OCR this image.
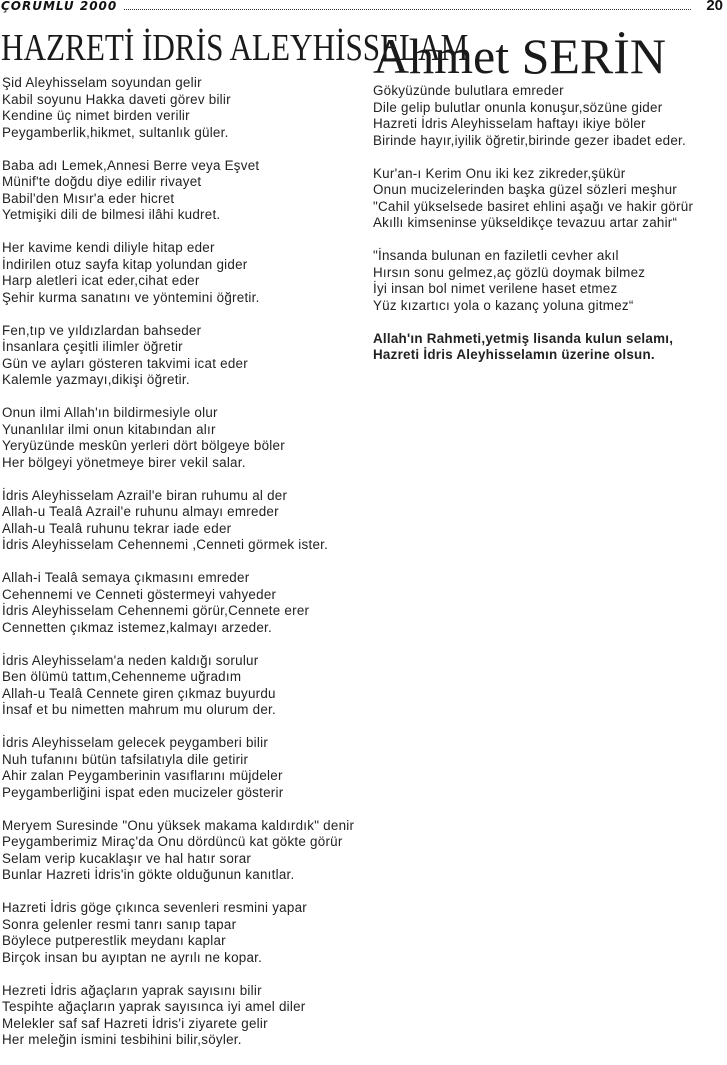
ÇORUMLU 2000	20
HAZRETİ İDRİS ALEYHİSSELAM
Ahmet SERİN
Şid Aleyhisselam soyundan gelir
Kabil soyunu Hakka daveti görev bilir
Kendine üç nimet birden verilir
Peygamberlik,hikmet, sultanlık güler.
Baba adı Lemek,Annesi Berre veya Eşvet
Münif'te doğdu diye edilir rivayet
Babil'den Mısır'a eder hicret
Yetmişiki dili de bilmesi ilâhi kudret.
Her kavime kendi diliyle hitap eder
İndirilen otuz sayfa kitap yolundan gider
Harp aletleri icat eder,cihat eder
Şehir kurma sanatını ve yöntemini öğretir.
Fen,tıp ve yıldızlardan bahseder
İnsanlara çeşitli ilimler öğretir
Gün ve ayları gösteren takvimi icat eder
Kalemle yazmayı,dikişi öğretir.
Onun ilmi Allah'ın bildirmesiyle olur
Yunanlılar ilmi onun kitabından alır
Yeryüzünde meskûn yerleri dört bölgeye böler
Her bölgeyi yönetmeye birer vekil salar.
İdris Aleyhisselam Azrail'e biran ruhumu al der
Allah-u Tealâ Azrail'e ruhunu almayı emreder
Allah-u Tealâ ruhunu tekrar iade eder
İdris Aleyhisselam Cehennemi ,Cenneti görmek ister.
Allah-i Tealâ semaya çıkmasını emreder
Cehennemi ve Cenneti göstermeyi vahyeder
İdris Aleyhisselam Cehennemi görür,Cennete erer
Cennetten çıkmaz istemez,kalmayı arzeder.
İdris Aleyhisselam'a neden kaldığı sorulur
Ben ölümü tattım,Cehenneme uğradım
Allah-u Tealâ Cennete giren çıkmaz buyurdu
İnsaf et bu nimetten mahrum mu olurum der.
İdris Aleyhisselam gelecek peygamberi bilir
Nuh tufanını bütün tafsilatıyla dile getirir
Ahir zalan Peygamberinin vasıflarını müjdeler
Peygamberliğini ispat eden mucizeler gösterir
Meryem Suresinde "Onu yüksek makama kaldırdık" denir
Peygamberimiz Miraç'da Onu dördüncü kat gökte görür
Selam verip kucaklaşır ve hal hatır sorar
Bunlar Hazreti İdris'in gökte olduğunun kanıtlar.
Hazreti İdris göge çıkınca sevenleri resmini yapar
Sonra gelenler resmi tanrı sanıp tapar
Böylece putperestlik meydanı kaplar
Birçok insan bu ayıptan ne ayrılı ne kopar.
Hezreti İdris ağaçların yaprak sayısını bilir
Tespihte ağaçların yaprak sayısınca iyi amel diler
Melekler saf saf Hazreti İdris'i ziyarete gelir
Her meleğin ismini tesbihini bilir,söyler.
Gökyüzünde bulutlara emreder
Dile gelip bulutlar onunla konuşur,sözüne gider
Hazreti İdris Aleyhisselam haftayı ikiye böler
Birinde hayır,iyilik öğretir,birinde gezer ibadet eder.
Kur'an-ı Kerim Onu iki kez zikreder,şükür
Onun mucizelerinden başka güzel sözleri meşhur
"Cahil yükselsede basiret ehlini aşağı ve hakir görür
Akıllı kimseninse yükseldikçe tevazuu artar zahir“
"İnsanda bulunan en faziletli cevher akıl
Hırsın sonu gelmez,aç gözlü doymak bilmez
İyi insan bol nimet verilene haset etmez
Yüz kızartıcı yola o kazanç yoluna gitmez“
Allah'ın Rahmeti,yetmiş lisanda kulun selamı,
Hazreti İdris Aleyhisselamın üzerine olsun.
